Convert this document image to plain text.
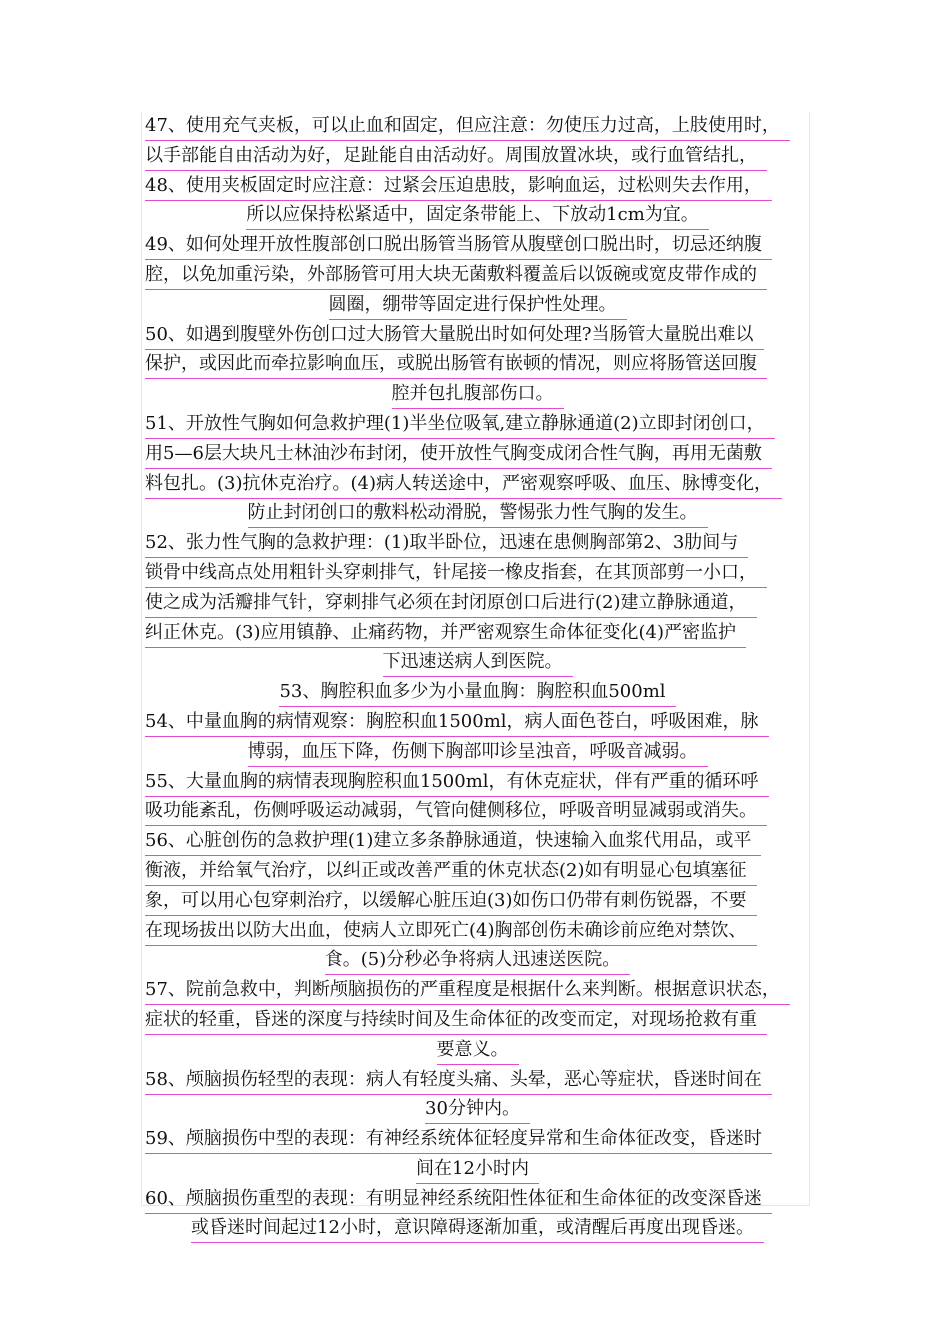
47、使用充气夹板，可以止血和固定，但应注意：勿使压力过高，上肢使用时，
以手部能自由活动为好，足趾能自由活动好。周围放置冰块，或行血管结扎，
48、使用夹板固定时应注意：过紧会压迫患肢，影响血运，过松则失去作用，
所以应保持松紧适中，固定条带能上、下放动1cm为宜。
49、如何处理开放性腹部创口脱出肠管当肠管从腹壁创口脱出时，切忌还纳腹
腔，以免加重污染，外部肠管可用大块无菌敷料覆盖后以饭碗或宽皮带作成的
圆圈，绷带等固定进行保护性处理。
50、如遇到腹壁外伤创口过大肠管大量脱出时如何处理?当肠管大量脱出难以
保护，或因此而牵拉影响血压，或脱出肠管有嵌顿的情况，则应将肠管送回腹
腔并包扎腹部伤口。
51、开放性气胸如何急救护理(1)半坐位吸氧,建立静脉通道(2)立即封闭创口，
用5—6层大块凡士林油沙布封闭，使开放性气胸变成闭合性气胸，再用无菌敷
料包扎。(3)抗休克治疗。(4)病人转送途中，严密观察呼吸、血压、脉博变化，
防止封闭创口的敷料松动滑脱，警惕张力性气胸的发生。
52、张力性气胸的急救护理：(1)取半卧位，迅速在患侧胸部第2、3肋间与
锁骨中线高点处用粗针头穿刺排气，针尾接一橡皮指套，在其顶部剪一小口，
使之成为活瓣排气针，穿刺排气必须在封闭原创口后进行(2)建立静脉通道，
纠正休克。(3)应用镇静、止痛药物，并严密观察生命体征变化(4)严密监护
下迅速送病人到医院。
53、胸腔积血多少为小量血胸：胸腔积血500ml
54、中量血胸的病情观察：胸腔积血1500ml，病人面色苍白，呼吸困难，脉
博弱，血压下降，伤侧下胸部叩诊呈浊音，呼吸音减弱。
55、大量血胸的病情表现胸腔积血1500ml，有休克症状，伴有严重的循环呼
吸功能紊乱，伤侧呼吸运动减弱，气管向健侧移位，呼吸音明显减弱或消失。
56、心脏创伤的急救护理(1)建立多条静脉通道，快速输入血浆代用品，或平
衡液，并给氧气治疗，以纠正或改善严重的休克状态(2)如有明显心包填塞征
象，可以用心包穿刺治疗，以缓解心脏压迫(3)如伤口仍带有刺伤锐器，不要
在现场拔出以防大出血，使病人立即死亡(4)胸部创伤未确诊前应绝对禁饮、
食。(5)分秒必争将病人迅速送医院。
57、院前急救中，判断颅脑损伤的严重程度是根据什么来判断。根据意识状态，
症状的轻重，昏迷的深度与持续时间及生命体征的改变而定，对现场抢救有重
要意义。
58、颅脑损伤轻型的表现：病人有轻度头痛、头晕，恶心等症状，昏迷时间在
30分钟内。
59、颅脑损伤中型的表现：有神经系统体征轻度异常和生命体征改变，昏迷时
间在12小时内
60、颅脑损伤重型的表现：有明显神经系统阳性体征和生命体征的改变深昏迷
或昏迷时间起过12小时，意识障碍逐渐加重，或清醒后再度出现昏迷。
